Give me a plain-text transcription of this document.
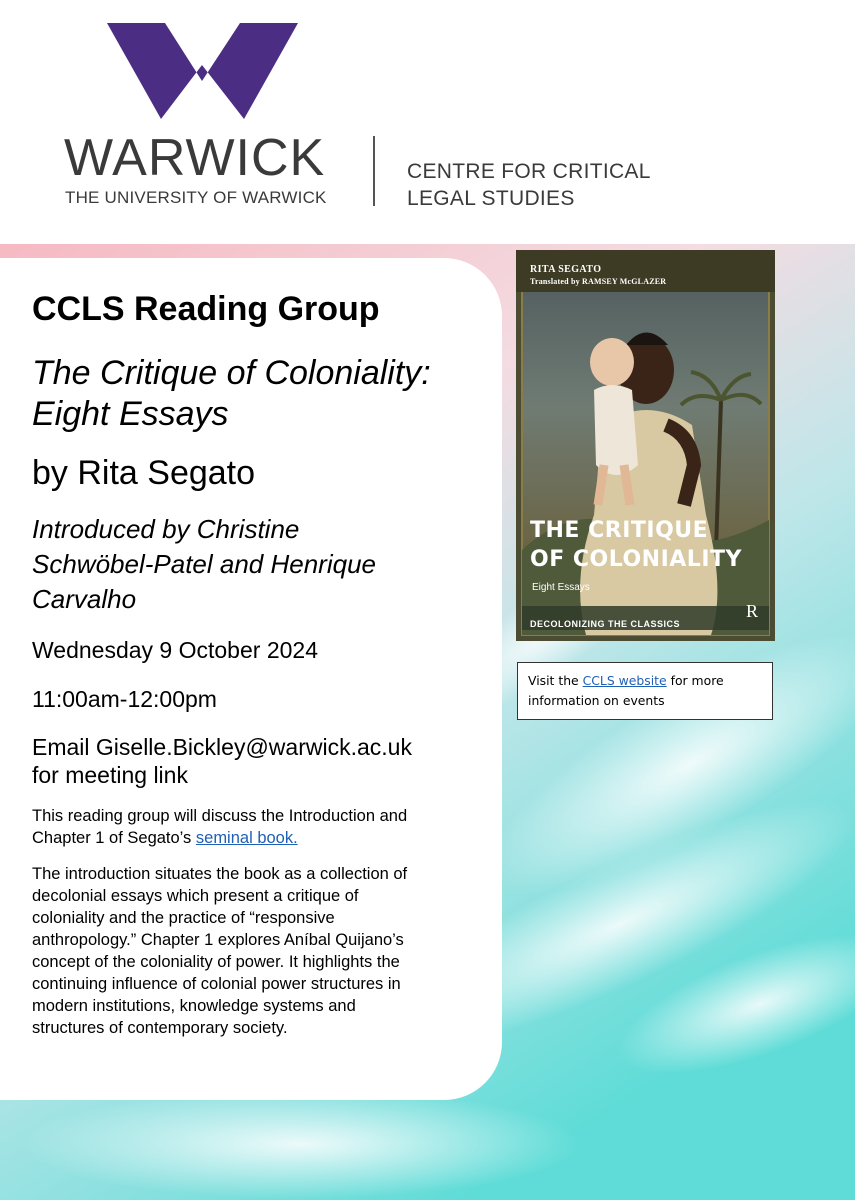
WARWICK
THE UNIVERSITY OF WARWICK
CENTRE FOR CRITICAL
LEGAL STUDIES
CCLS Reading Group
The Critique of Coloniality:
Eight Essays
by Rita Segato
Introduced by Christine
Schwöbel-Patel and Henrique
Carvalho
Wednesday 9 October 2024
11:00am-12:00pm
Email Giselle.Bickley@warwick.ac.uk
for meeting link
This reading group will discuss the Introduction and
Chapter 1 of Segato’s seminal book.
The introduction situates the book as a collection of
decolonial essays which present a critique of
coloniality and the practice of “responsive
anthropology.” Chapter 1 explores Aníbal Quijano’s
concept of the coloniality of power. It highlights the
continuing influence of colonial power structures in
modern institutions, knowledge systems and
structures of contemporary society.
RITA SEGATO
Translated by RAMSEY McGLAZER
THE CRITIQUE
OF COLONIALITY
Eight Essays
DECOLONIZING THE CLASSICS
R
Visit the CCLS website for more
information on events
